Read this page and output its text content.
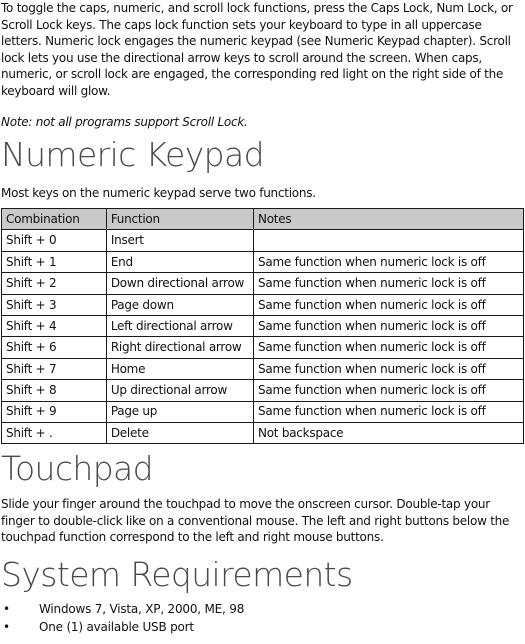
To toggle the caps, numeric, and scroll lock functions, press the Caps Lock, Num Lock, or Scroll Lock keys. The caps lock function sets your keyboard to type in all uppercase letters. Numeric lock engages the numeric keypad (see Numeric Keypad chapter). Scroll lock lets you use the directional arrow keys to scroll around the screen. When caps, numeric, or scroll lock are engaged, the corresponding red light on the right side of the keyboard will glow.

Note: not all programs support Scroll Lock.

Numeric Keypad

Most keys on the numeric keypad serve two functions.

Combination	Function	Notes
Shift + 0	Insert	
Shift + 1	End	Same function when numeric lock is off
Shift + 2	Down directional arrow	Same function when numeric lock is off
Shift + 3	Page down	Same function when numeric lock is off
Shift + 4	Left directional arrow	Same function when numeric lock is off
Shift + 6	Right directional arrow	Same function when numeric lock is off
Shift + 7	Home	Same function when numeric lock is off
Shift + 8	Up directional arrow	Same function when numeric lock is off
Shift + 9	Page up	Same function when numeric lock is off
Shift + .	Delete	Not backspace
Touchpad

Slide your finger around the touchpad to move the onscreen cursor. Double-tap your finger to double-click like on a conventional mouse. The left and right buttons below the touchpad function correspond to the left and right mouse buttons.

System Requirements
• Windows 7, Vista, XP, 2000, ME, 98
• One (1) available USB port
